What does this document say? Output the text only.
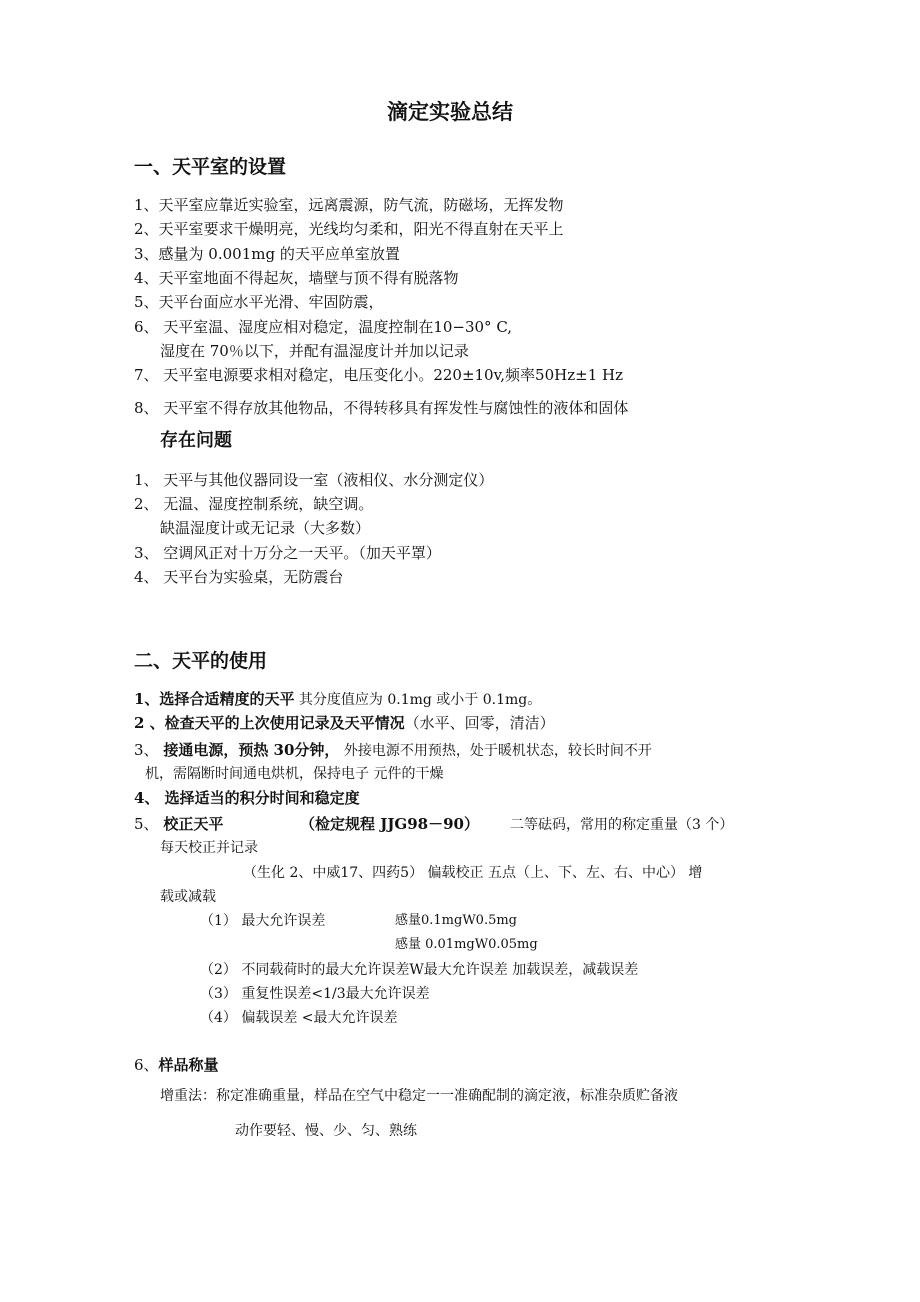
滴定实验总结
一、天平室的设置
1、天平室应靠近实验室，远离震源，防气流，防磁场，无挥发物
2、天平室要求干燥明亮，光线均匀柔和，阳光不得直射在天平上
3、感量为 0.001mg 的天平应单室放置
4、天平室地面不得起灰，墙壁与顶不得有脱落物
5、天平台面应水平光滑、牢固防震，
6、 天平室温、湿度应相对稳定，温度控制在10−30° C,
湿度在 70％以下，并配有温湿度计并加以记录
7、 天平室电源要求相对稳定，电压变化小。220±10v,频率50Hz±1 Hz
8、 天平室不得存放其他物品，不得转移具有挥发性与腐蚀性的液体和固体
存在问题
1、 天平与其他仪器同设一室（液相仪、水分测定仪）
2、 无温、湿度控制系统，缺空调。
缺温湿度计或无记录（大多数）
3、 空调风正对十万分之一天平。（加天平罩）
4、 天平台为实验桌，无防震台
二、天平的使用
1、选择合适精度的天平 其分度值应为 0.1mg 或小于 0.1mg。
2 、检查天平的上次使用记录及天平情况（水平、回零，清洁）
3、 接通电源，预热 30分钟， 外接电源不用预热，处于暖机状态，较长时间不开
机，需隔断时间通电烘机，保持电子 元件的干燥
4、 选择适当的积分时间和稳定度
5、 校正天平	（检定规程 JJG98－90） 二等砝码，常用的称定重量（3 个）
每天校正并记录
（生化 2、中威17、四药5） 偏载校正 五点（上、下、左、右、中心） 增
载或减载
（1） 最大允许误差	感量0.1mgW0.5mg
感量 0.01mgW0.05mg
（2） 不同载荷时的最大允许误差W最大允许误差 加载误差，减载误差
（3） 重复性误差<1/3最大允许误差
（4） 偏载误差 <最大允许误差
6、样品称量
增重法：称定准确重量，样品在空气中稳定一一准确配制的滴定液，标准杂质贮备液
动作要轻、慢、少、匀、熟练
